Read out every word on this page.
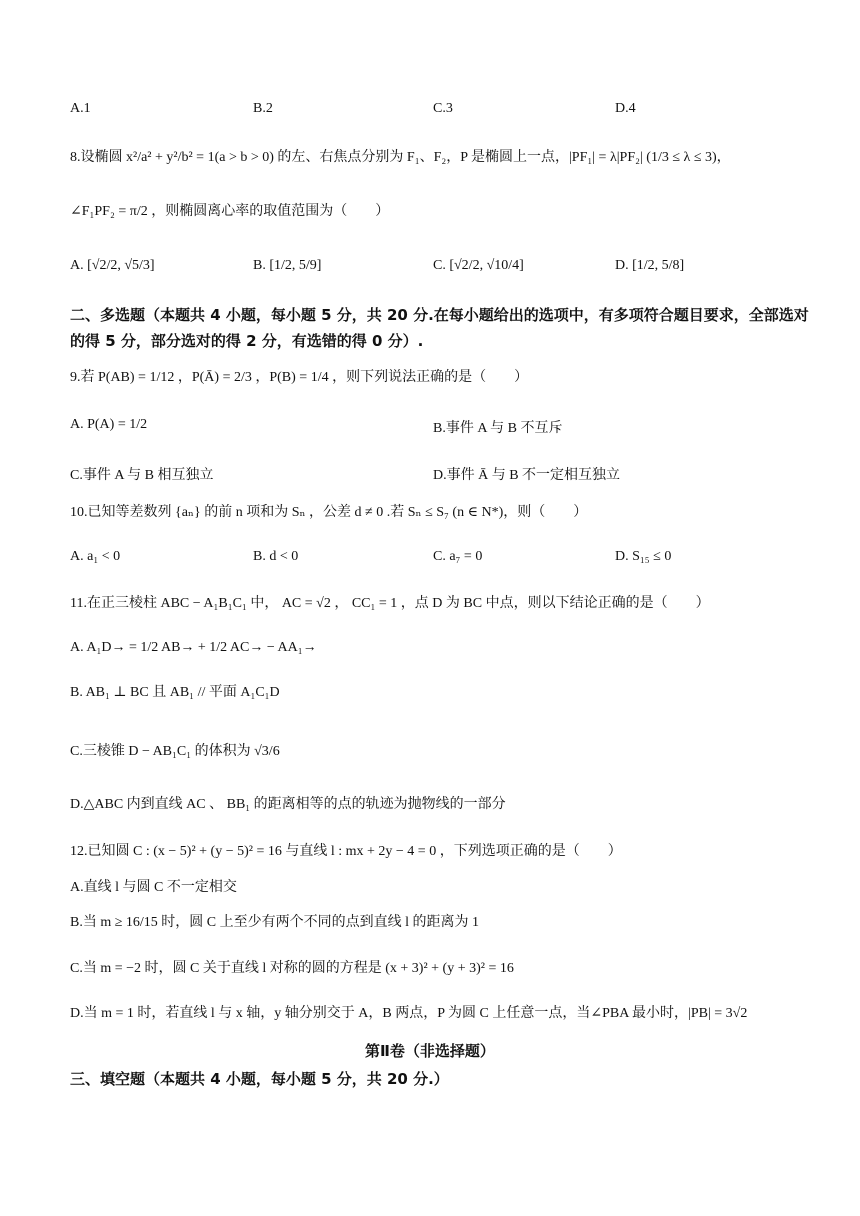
A.1	B.2	C.3	D.4
8.设椭圆 x²/a² + y²/b² = 1(a > b > 0) 的左、右焦点分别为 F₁、F₂，P 是椭圆上一点，|PF₁| = λ|PF₂| (1/3 ≤ λ ≤ 3)，
∠F₁PF₂ = π/2 ，则椭圆离心率的取值范围为（　　）
A. [√2/2, √5/3]	B. [1/2, 5/9]	C. [√2/2, √10/4]	D. [1/2, 5/8]
二、多选题（本题共 4 小题，每小题 5 分，共 20 分.在每小题给出的选项中，有多项符合题目要求，全部选对的得 5 分，部分选对的得 2 分，有选错的得 0 分）.
9.若 P(AB) = 1/12 ，P(Ā) = 2/3 ，P(B) = 1/4 ，则下列说法正确的是（　　）
A. P(A) = 1/2	B.事件 A 与 B 不互斥
C.事件 A 与 B 相互独立	D.事件 Ā 与 B 不一定相互独立
10.已知等差数列 {aₙ} 的前 n 项和为 Sₙ ，公差 d ≠ 0 .若 Sₙ ≤ S₇ (n ∈ N*)，则（　　）
A. a₁ < 0	B. d < 0	C. a₇ = 0	D. S₁₅ ≤ 0
11.在正三棱柱 ABC − A₁B₁C₁ 中， AC = √2 ， CC₁ = 1 ，点 D 为 BC 中点，则以下结论正确的是（　　）
A. A₁D→ = 1/2 AB→ + 1/2 AC→ − AA₁→
B. AB₁ ⊥ BC 且 AB₁ // 平面 A₁C₁D
C.三棱锥 D − AB₁C₁ 的体积为 √3/6
D.△ABC 内到直线 AC 、 BB₁ 的距离相等的点的轨迹为抛物线的一部分
12.已知圆 C : (x − 5)² + (y − 5)² = 16 与直线 l : mx + 2y − 4 = 0 ，下列选项正确的是（　　）
A.直线 l 与圆 C 不一定相交
B.当 m ≥ 16/15 时，圆 C 上至少有两个不同的点到直线 l 的距离为 1
C.当 m = −2 时，圆 C 关于直线 l 对称的圆的方程是 (x + 3)² + (y + 3)² = 16
D.当 m = 1 时，若直线 l 与 x 轴，y 轴分别交于 A，B 两点，P 为圆 C 上任意一点，当∠PBA 最小时，|PB| = 3√2
第Ⅱ卷（非选择题）
三、填空题（本题共 4 小题，每小题 5 分，共 20 分.）
